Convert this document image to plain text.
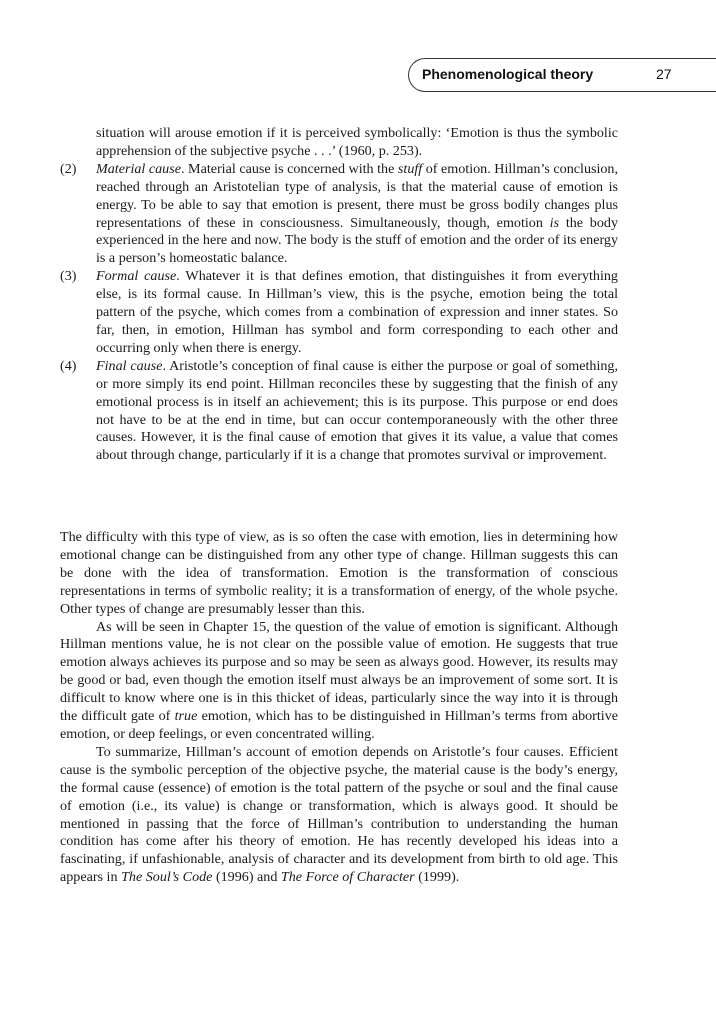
Phenomenological theory	27
situation will arouse emotion if it is perceived symbolically: ‘Emotion is thus the symbolic apprehension of the subjective psyche . . .’ (1960, p. 253).
(2) Material cause. Material cause is concerned with the stuff of emotion. Hillman’s conclusion, reached through an Aristotelian type of analysis, is that the material cause of emotion is energy. To be able to say that emotion is present, there must be gross bodily changes plus representations of these in consciousness. Simultaneously, though, emotion is the body experienced in the here and now. The body is the stuff of emotion and the order of its energy is a person’s homeostatic balance.
(3) Formal cause. Whatever it is that defines emotion, that distinguishes it from everything else, is its formal cause. In Hillman’s view, this is the psyche, emotion being the total pattern of the psyche, which comes from a combination of expression and inner states. So far, then, in emotion, Hillman has symbol and form corresponding to each other and occurring only when there is energy.
(4) Final cause. Aristotle’s conception of final cause is either the purpose or goal of something, or more simply its end point. Hillman reconciles these by suggesting that the finish of any emotional process is in itself an achievement; this is its purpose. This purpose or end does not have to be at the end in time, but can occur contemporaneously with the other three causes. However, it is the final cause of emotion that gives it its value, a value that comes about through change, particularly if it is a change that promotes survival or improvement.

The difficulty with this type of view, as is so often the case with emotion, lies in determining how emotional change can be distinguished from any other type of change. Hillman suggests this can be done with the idea of transformation. Emotion is the transformation of conscious representations in terms of symbolic reality; it is a transformation of energy, of the whole psyche. Other types of change are presumably lesser than this.

As will be seen in Chapter 15, the question of the value of emotion is significant. Although Hillman mentions value, he is not clear on the possible value of emotion. He suggests that true emotion always achieves its purpose and so may be seen as always good. However, its results may be good or bad, even though the emotion itself must always be an improvement of some sort. It is difficult to know where one is in this thicket of ideas, particularly since the way into it is through the difficult gate of true emotion, which has to be distinguished in Hillman’s terms from abortive emotion, or deep feelings, or even concentrated willing.

To summarize, Hillman’s account of emotion depends on Aristotle’s four causes. Efficient cause is the symbolic perception of the objective psyche, the material cause is the body’s energy, the formal cause (essence) of emotion is the total pattern of the psyche or soul and the final cause of emotion (i.e., its value) is change or transformation, which is always good. It should be mentioned in passing that the force of Hillman’s contribution to understanding the human condition has come after his theory of emotion. He has recently developed his ideas into a fascinating, if unfashionable, analysis of character and its development from birth to old age. This appears in The Soul’s Code (1996) and The Force of Character (1999).
